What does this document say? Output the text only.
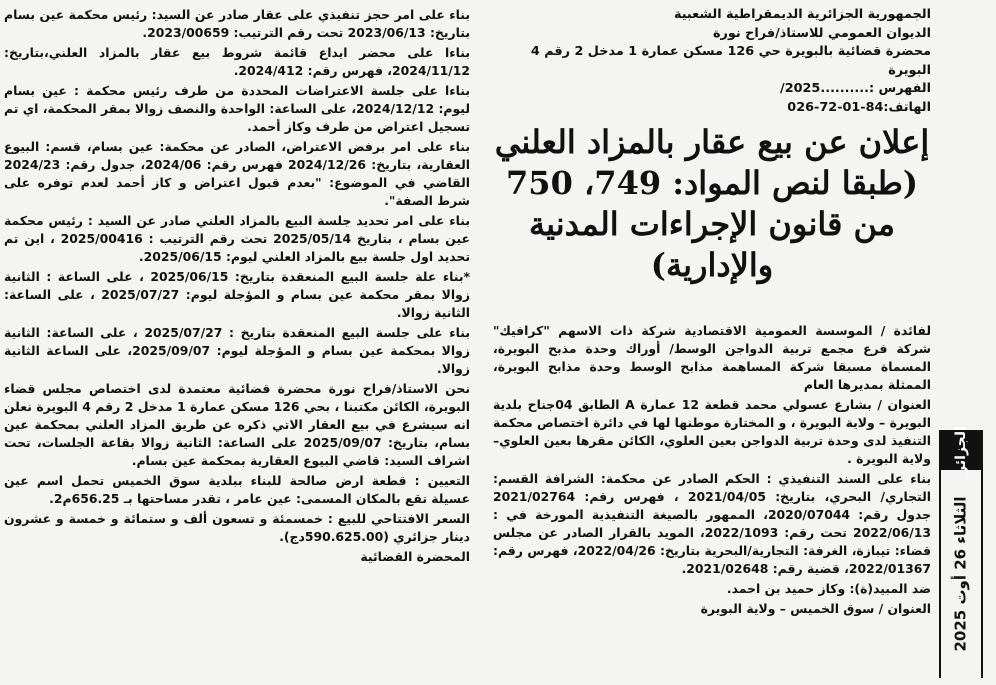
الجمهورية الجزائرية الديمقراطية الشعبية
الديوان العمومي للاستاذ/فراح نورة
محضرة قضائية بالبويرة حي 126 مسكن عمارة 1 مدخل 2 رقم 4 البويرة
الفهرس :..........2025/
الهاتف:84-01-72-026
إعلان عن بيع عقار بالمزاد العلني (طبقا لنص المواد: 749، 750 من قانون الإجراءات المدنية والإدارية)

لفائدة / الموسسة العمومية الاقتصادية شركة ذات الاسهم "كرافيك" شركة فرع مجمع تربية الدواجن الوسط/ أوراك وحدة مذبح البويرة، المسماة مسبقا شركة المساهمة مذابح الوسط وحدة مذابح البويرة، الممثلة بمديرها العام

العنوان / بشارع عسولي محمد قطعة 12 عمارة A الطابق 04جناح بلدية البويرة – ولاية البويرة ، و المختارة موطنها لها في دائرة اختصاص محكمة التنفيذ لدى وحدة تربية الدواجن بعين العلوي، الكائن مقرها بعين العلوي– ولاية البويرة .

بناء على السند التنفيذي : الحكم الصادر عن محكمة: الشرافة القسم: التجاري/ البحري، بتاريخ: 2021/04/05 ، فهرس رقم: 2021/02764 جدول رقم: 2020/07044، الممهور بالصيغة التنفيذية المورخة في : 2022/06/13 تحت رقم: 2022/1093، المويد بالقرار الصادر عن مجلس قضاء: تيبازة، الغرفة: التجارية/البحرية بتاريخ: 2022/04/26، فهرس رقم: 2022/01367، قضية رقم: 2021/02648.

ضد المبيد(ة): وكاز حميد بن احمد.

العنوان / سوق الخميس – ولاية البويرة

بناء على امر حجز تنفيذي على عقار صادر عن السيد: رئيس محكمة عين بسام بتاريخ: 2023/06/13 تحت رقم الترتيب: 2023/00659.

بناءا على محضر ايداع قائمة شروط بيع عقار بالمزاد العلني،بتاريخ: 2024/11/12، فهرس رقم: 2024/412.

بناءا على جلسة الاعتراضات المحددة من طرف رئيس محكمة : عين بسام ليوم: 2024/12/12، على الساعة: الواحدة والنصف زوالا بمقر المحكمة، اي تم تسجيل اعتراض من طرف وكاز أحمد.

بناء على امر برفض الاعتراض، الصادر عن محكمة: عين بسام، قسم: البيوع العقارية، بتاريخ: 2024/12/26 فهرس رقم: 2024/06، جدول رقم: 2024/23 القاضي في الموضوع: "بعدم قبول اعتراض و كاز أحمد لعدم توفره على شرط الصفة".

بناء على امر تحديد جلسة البيع بالمزاد العلني صادر عن السيد : رئيس محكمة عين بسام ، بتاريخ 2025/05/14 تحت رقم الترتيب : 2025/00416 ، اين تم تحديد اول جلسة بيع بالمزاد العلني ليوم: 2025/06/15.

*بناء علة جلسة البيع المنعقدة بتاريخ: 2025/06/15 ، على الساعة : الثانية زوالا بمقر محكمة عين بسام و المؤجلة ليوم: 2025/07/27 ، على الساعة: الثانية زوالا.

بناء على جلسة البيع المنعقدة بتاريخ : 2025/07/27 ، على الساعة: الثانية زوالا بمحكمة عين بسام و المؤجلة ليوم: 2025/09/07، على الساعة الثانية زوالا.

نحن الاستاذ/فراح نورة محضرة قضائية معتمدة لدى اختصاص مجلس قضاء البويرة، الكائن مكتبنا ، بحي 126 مسكن عمارة 1 مدخل 2 رقم 4 البويرة نعلن انه سيشرع في بيع العقار الاتي ذكره عن طريق المزاد العلني بمحكمة عين بسام، بتاريخ: 2025/09/07 على الساعة: الثانية زوالا بقاعة الجلسات، تحت اشراف السيد: قاضي البيوع العقارية بمحكمة عين بسام.

التعيين : قطعة ارض صالحة للبناء ببلدية سوق الخميس تحمل اسم عين عسيلة تقع بالمكان المسمى: عين عامر ، تقدر مساحتها بـ 656.25م2.

السعر الافتتاحي للبيع : خمسمئة و تسعون ألف و ستمائة و خمسة و عشرون دينار جزائري (590.625.00دج).

المحضرة القضائية
الجزائر
الثلاثاء 26 أوت 2025
